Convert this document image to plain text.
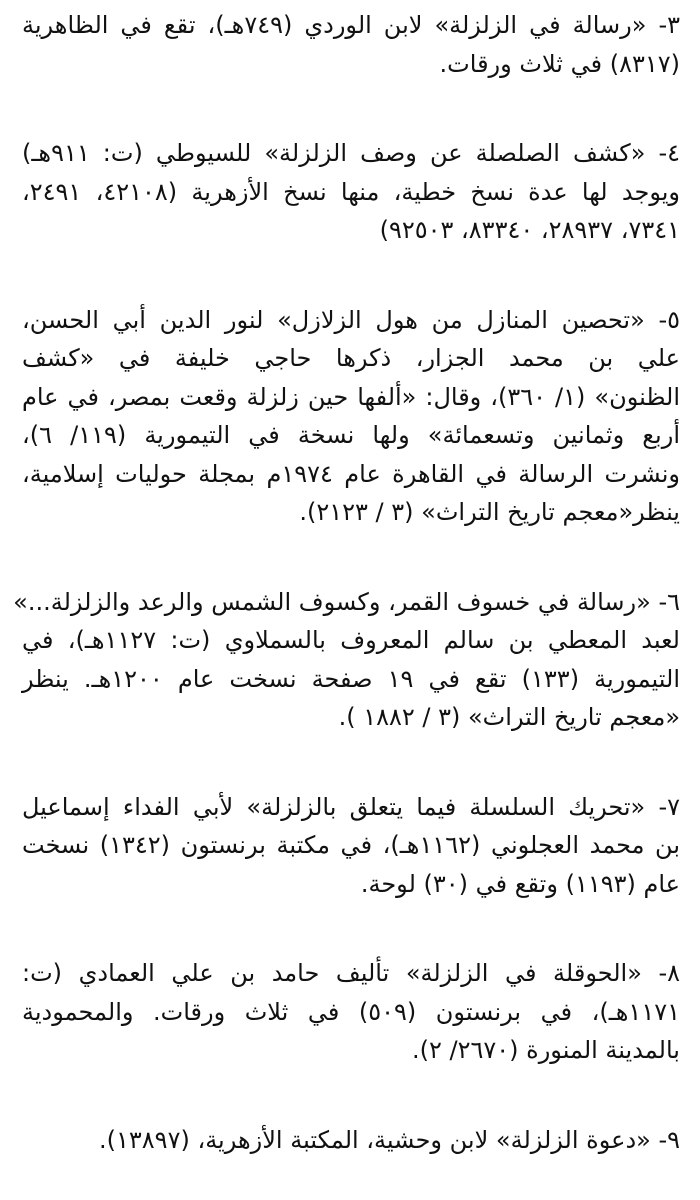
٣- «رسالة في الزلزلة» لابن الوردي (٧٤٩هـ)، تقع في الظاهرية
(٨٣١٧) في ثلاث ورقات.
٤- «كشف الصلصلة عن وصف الزلزلة» للسيوطي (ت: ٩١١هـ)
ويوجد لها عدة نسخ خطية، منها نسخ الأزهرية (٤٢١٠٨، ٢٤٩١،
٧٣٤١، ٢٨٩٣٧، ٨٣٣٤٠، ٩٢٥٠٣)
٥- «تحصين المنازل من هول الزلازل» لنور الدين أبي الحسن،
علي بن محمد الجزار، ذكرها حاجي خليفة في «كشف
الظنون» (١/ ٣٦٠)، وقال: «ألفها حين زلزلة وقعت بمصر، في عام
أربع وثمانين وتسعمائة» ولها نسخة في التيمورية (١١٩/ ٦)،
ونشرت الرسالة في القاهرة عام ١٩٧٤م بمجلة حوليات إسلامية،
ينظر«معجم تاريخ التراث» (٣ / ٢١٢٣).
٦- «رسالة في خسوف القمر، وكسوف الشمس والرعد والزلزلة...»
لعبد المعطي بن سالم المعروف بالسملاوي (ت: ١١٢٧هـ)، في
التيمورية (١٣٣) تقع في ١٩ صفحة نسخت عام ١٢٠٠هـ. ينظر
«معجم تاريخ التراث» (٣ / ١٨٨٢ ).
٧- «تحريك السلسلة فيما يتعلق بالزلزلة» لأبي الفداء إسماعيل
بن محمد العجلوني (١١٦٢هـ)، في مكتبة برنستون (١٣٤٢) نسخت
عام (١١٩٣) وتقع في (٣٠) لوحة.
٨- «الحوقلة في الزلزلة» تأليف حامد بن علي العمادي (ت:
١١٧١هـ)، في برنستون (٥٠٩) في ثلاث ورقات. والمحمودية
بالمدينة المنورة (٢٦٧٠/ ٢).
٩- «دعوة الزلزلة» لابن وحشية، المكتبة الأزهرية، (١٣٨٩٧).
